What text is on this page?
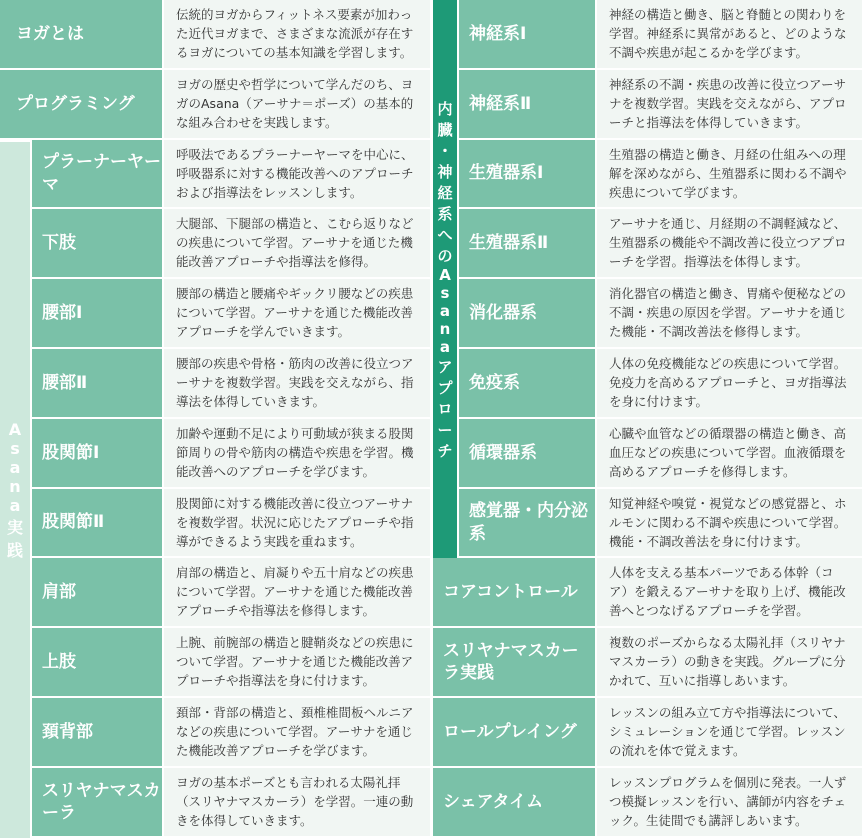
ヨガとは
伝統的ヨガからフィットネス要素が加わった近代ヨガまで、さまざまな流派が存在するヨガについての基本知識を学習します。
プログラミング
ヨガの歴史や哲学について学んだのち、ヨガのAsana（アーサナ＝ポーズ）の基本的な組み合わせを実践します。
プラーナーヤーマ
呼吸法であるプラーナーヤーマを中心に、呼吸器系に対する機能改善へのアプローチおよび指導法をレッスンします。
下肢
大腿部、下腿部の構造と、こむら返りなどの疾患について学習。アーサナを通じた機能改善アプローチや指導法を修得。
腰部Ⅰ
腰部の構造と腰痛やギックリ腰などの疾患について学習。アーサナを通じた機能改善アプローチを学んでいきます。
腰部Ⅱ
腰部の疾患や骨格・筋肉の改善に役立つアーサナを複数学習。実践を交えながら、指導法を体得していきます。
股関節Ⅰ
加齢や運動不足により可動域が狭まる股関節周りの骨や筋肉の構造や疾患を学習。機能改善へのアプローチを学びます。
股関節Ⅱ
股関節に対する機能改善に役立つアーサナを複数学習。状況に応じたアプローチや指導ができるよう実践を重ねます。
肩部
肩部の構造と、肩凝りや五十肩などの疾患について学習。アーサナを通じた機能改善アプローチや指導法を修得します。
上肢
上腕、前腕部の構造と腱鞘炎などの疾患について学習。アーサナを通じた機能改善アプローチや指導法を身に付けます。
頚背部
頚部・背部の構造と、頚椎椎間板ヘルニアなどの疾患について学習。アーサナを通じた機能改善アプローチを学びます。
スリヤナマスカーラ
ヨガの基本ポーズとも言われる太陽礼拝（スリヤナマスカーラ）を学習。一連の動きを体得していきます。
A
s
a
n
a
実
践
内
臓
・
神
経
系
へ
の
A
s
a
n
a
ア
プ
ロ
ー
チ
神経系Ⅰ
神経の構造と働き、脳と脊髄との関わりを学習。神経系に異常があると、どのような不調や疾患が起こるかを学びます。
神経系Ⅱ
神経系の不調・疾患の改善に役立つアーサナを複数学習。実践を交えながら、アプローチと指導法を体得していきます。
生殖器系Ⅰ
生殖器の構造と働き、月経の仕組みへの理解を深めながら、生殖器系に関わる不調や疾患について学びます。
生殖器系Ⅱ
アーサナを通じ、月経期の不調軽減など、生殖器系の機能や不調改善に役立つアプローチを学習。指導法を体得します。
消化器系
消化器官の構造と働き、胃痛や便秘などの不調・疾患の原因を学習。アーサナを通じた機能・不調改善法を修得します。
免疫系
人体の免疫機能などの疾患について学習。免疫力を高めるアプローチと、ヨガ指導法を身に付けます。
循環器系
心臓や血管などの循環器の構造と働き、高血圧などの疾患について学習。血液循環を高めるアプローチを修得します。
感覚器・内分泌系
知覚神経や嗅覚・視覚などの感覚器と、ホルモンに関わる不調や疾患について学習。機能・不調改善法を身に付けます。
コアコントロール
人体を支える基本パーツである体幹（コア）を鍛えるアーサナを取り上げ、機能改善へとつなげるアプローチを学習。
スリヤナマスカーラ実践
複数のポーズからなる太陽礼拝（スリヤナマスカーラ）の動きを実践。グループに分かれて、互いに指導しあいます。
ロールプレイング
レッスンの組み立て方や指導法について、シミュレーションを通じて学習。レッスンの流れを体で覚えます。
シェアタイム
レッスンプログラムを個別に発表。一人ずつ模擬レッスンを行い、講師が内容をチェック。生徒間でも講評しあいます。
